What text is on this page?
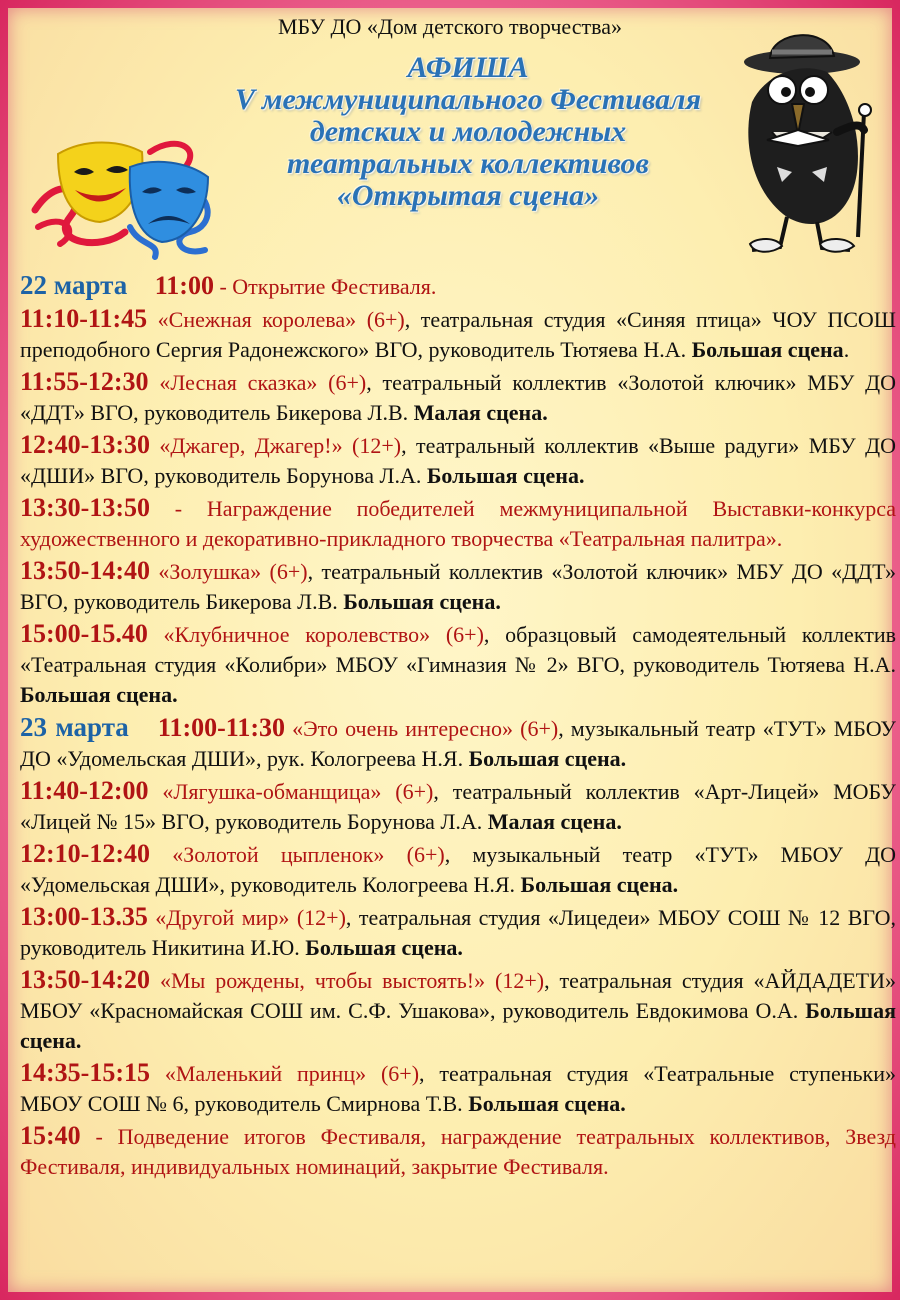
МБУ ДО «Дом детского творчества»
АФИША
V межмуниципального Фестиваля
детских и молодежных
театральных коллективов
«Открытая сцена»
22 марта 11:00 - Открытие Фестиваля.
11:10-11:45 «Снежная королева» (6+), театральная студия «Синяя птица» ЧОУ ПСОШ преподобного Сергия Радонежского» ВГО, руководитель Тютяева Н.А. Большая сцена.
11:55-12:30 «Лесная сказка» (6+), театральный коллектив «Золотой ключик» МБУ ДО «ДДТ» ВГО, руководитель Бикерова Л.В. Малая сцена.
12:40-13:30 «Джагер, Джагер!» (12+), театральный коллектив «Выше радуги» МБУ ДО «ДШИ» ВГО, руководитель Борунова Л.А. Большая сцена.
13:30-13:50 - Награждение победителей межмуниципальной Выставки-конкурса художественного и декоративно-прикладного творчества «Театральная палитра».
13:50-14:40 «Золушка» (6+), театральный коллектив «Золотой ключик» МБУ ДО «ДДТ» ВГО, руководитель Бикерова Л.В. Большая сцена.
15:00-15.40 «Клубничное королевство» (6+), образцовый самодеятельный коллектив «Театральная студия «Колибри» МБОУ «Гимназия № 2» ВГО, руководитель Тютяева Н.А. Большая сцена.
23 марта 11:00-11:30 «Это очень интересно» (6+), музыкальный театр «ТУТ» МБОУ ДО «Удомельская ДШИ», рук. Кологреева Н.Я. Большая сцена.
11:40-12:00 «Лягушка-обманщица» (6+), театральный коллектив «Арт-Лицей» МОБУ «Лицей № 15» ВГО, руководитель Борунова Л.А. Малая сцена.
12:10-12:40 «Золотой цыпленок» (6+), музыкальный театр «ТУТ» МБОУ ДО «Удомельская ДШИ», руководитель Кологреева Н.Я. Большая сцена.
13:00-13.35 «Другой мир» (12+), театральная студия «Лицедеи» МБОУ СОШ № 12 ВГО, руководитель Никитина И.Ю. Большая сцена.
13:50-14:20 «Мы рождены, чтобы выстоять!» (12+), театральная студия «АЙДАДЕТИ» МБОУ «Красномайская СОШ им. С.Ф. Ушакова», руководитель Евдокимова О.А. Большая сцена.
14:35-15:15 «Маленький принц» (6+), театральная студия «Театральные ступеньки» МБОУ СОШ № 6, руководитель Смирнова Т.В. Большая сцена.
15:40 - Подведение итогов Фестиваля, награждение театральных коллективов, Звезд Фестиваля, индивидуальных номинаций, закрытие Фестиваля.
